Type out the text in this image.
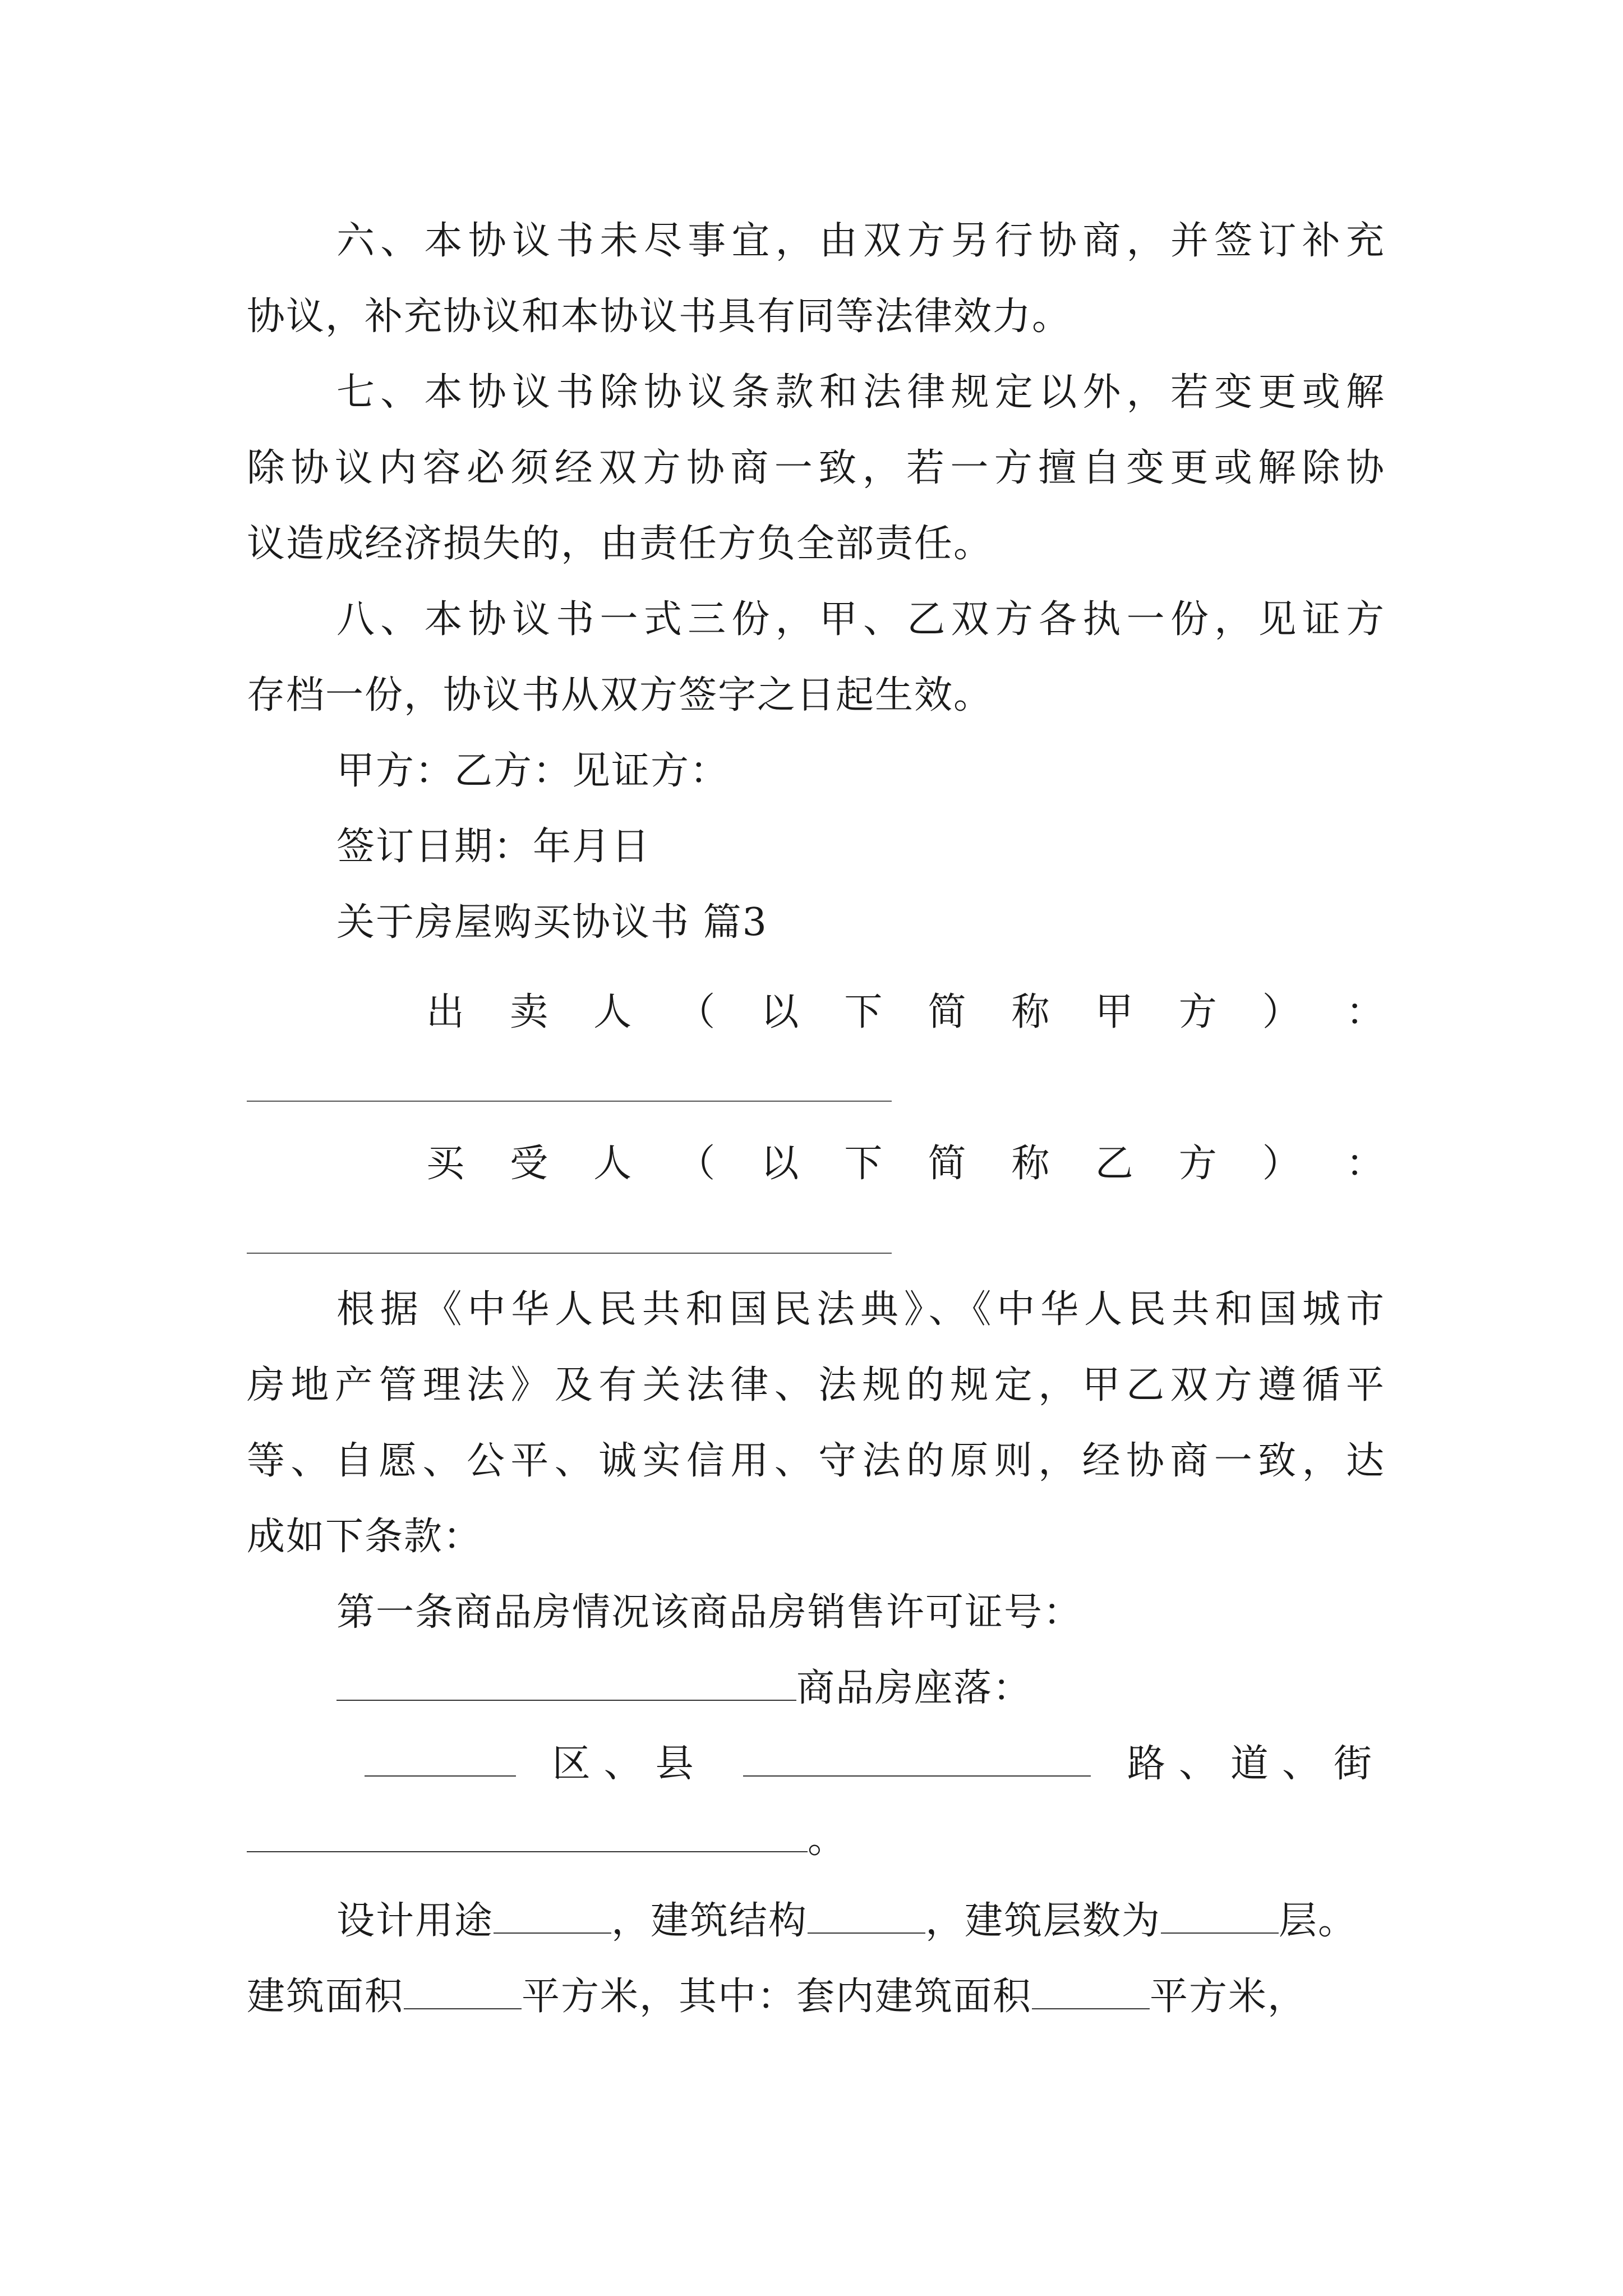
六、本协议书未尽事宜，由双方另行协商，并签订补充
协议，补充协议和本协议书具有同等法律效力。
七、本协议书除协议条款和法律规定以外，若变更或解
除协议内容必须经双方协商一致，若一方擅自变更或解除协
议造成经济损失的，由责任方负全部责任。
八、本协议书一式三份，甲、乙双方各执一份，见证方
存档一份，协议书从双方签字之日起生效。
甲方：乙方：见证方：
签订日期：年月日
关于房屋购买协议书 篇3
出 卖 人 （ 以 下 简 称 甲 方 ） ：
买 受 人 （ 以 下 简 称 乙 方 ） ：
根据《中华人民共和国民法典》、《中华人民共和国城市
房地产管理法》及有关法律、法规的规定，甲乙双方遵循平
等、自愿、公平、诚实信用、守法的原则，经协商一致，达
成如下条款：
第一条商品房情况该商品房销售许可证号：
商品房座落：
区、县	路、道、街
。
设计用途	，建筑结构	，建筑层数为	层。
建筑面积	平方米，其中：套内建筑面积	平方米，
